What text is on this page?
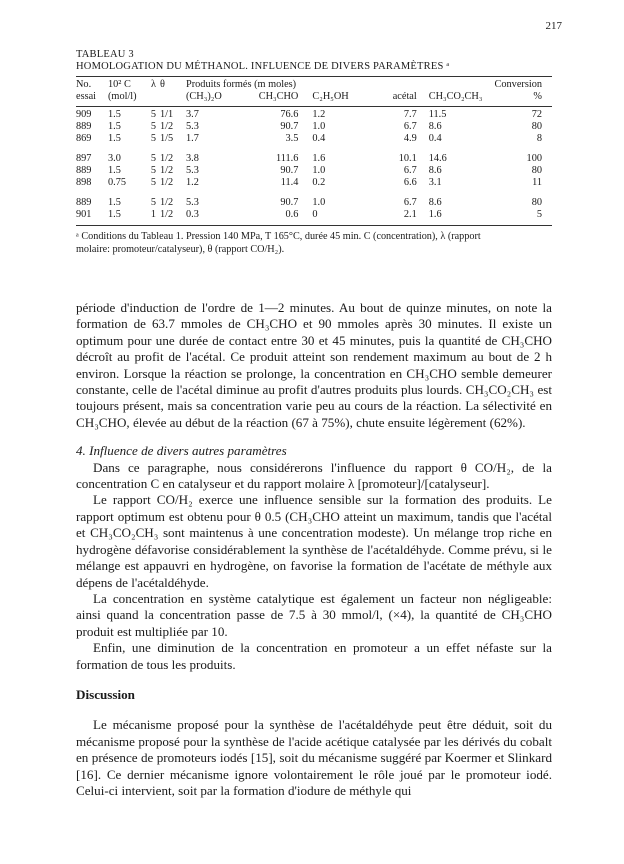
217
TABLEAU 3
HOMOLOGATION DU MÉTHANOL. INFLUENCE DE DIVERS PARAMÈTRES ᵃ
No.	10² C	λ	θ	Produits formés (m moles)					Conversion
essai	(mol/l)			(CH₃)₂O	CH₃CHO	C₂H₅OH	acétal	CH₃CO₂CH₃	%
909	1.5	5	1/1	3.7	76.6	1.2	7.7	11.5	72
889	1.5	5	1/2	5.3	90.7	1.0	6.7	8.6	80
869	1.5	5	1/5	1.7	3.5	0.4	4.9	0.4	8
897	3.0	5	1/2	3.8	111.6	1.6	10.1	14.6	100
889	1.5	5	1/2	5.3	90.7	1.0	6.7	8.6	80
898	0.75	5	1/2	1.2	11.4	0.2	6.6	3.1	11
889	1.5	5	1/2	5.3	90.7	1.0	6.7	8.6	80
901	1.5	1	1/2	0.3	0.6	0	2.1	1.6	5
ᵃ Conditions du Tableau 1. Pression 140 MPa, T 165°C, durée 45 min. C (concentration), λ (rapport
molaire: promoteur/catalyseur), θ (rapport CO/H₂).

période d'induction de l'ordre de 1—2 minutes. Au bout de quinze minutes, on note la formation de 63.7 mmoles de CH₃CHO et 90 mmoles après 30 minutes. Il existe un optimum pour une durée de contact entre 30 et 45 minutes, puis la quantité de CH₃CHO décroît au profit de l'acétal. Ce produit atteint son rendement maximum au bout de 2 h environ. Lorsque la réaction se prolonge, la concentration en CH₃CHO semble demeurer constante, celle de l'acétal diminue au profit d'autres produits plus lourds. CH₃CO₂CH₃ est toujours présent, mais sa concentration varie peu au cours de la réaction. La sélectivité en CH₃CHO, élevée au début de la réaction (67 à 75%), chute ensuite légèrement (62%).

4. Influence de divers autres paramètres

Dans ce paragraphe, nous considérerons l'influence du rapport θ CO/H₂, de la concentration C en catalyseur et du rapport molaire λ [promoteur]/[catalyseur].

Le rapport CO/H₂ exerce une influence sensible sur la formation des produits. Le rapport optimum est obtenu pour θ 0.5 (CH₃CHO atteint un maximum, tandis que l'acétal et CH₃CO₂CH₃ sont maintenus à une concentration modeste). Un mélange trop riche en hydrogène défavorise considérablement la synthèse de l'acétaldéhyde. Comme prévu, si le mélange est appauvri en hydrogène, on favorise la formation de l'acétate de méthyle aux dépens de l'acétaldéhyde.

La concentration en système catalytique est également un facteur non négligeable: ainsi quand la concentration passe de 7.5 à 30 mmol/l, (×4), la quantité de CH₃CHO produit est multipliée par 10.

Enfin, une diminution de la concentration en promoteur a un effet néfaste sur la formation de tous les produits.

Discussion

Le mécanisme proposé pour la synthèse de l'acétaldéhyde peut être déduit, soit du mécanisme proposé pour la synthèse de l'acide acétique catalysée par les dérivés du cobalt en présence de promoteurs iodés [15], soit du mécanisme suggéré par Koermer et Slinkard [16]. Ce dernier mécanisme ignore volontairement le rôle joué par le promoteur iodé. Celui-ci intervient, soit par la formation d'iodure de méthyle qui
